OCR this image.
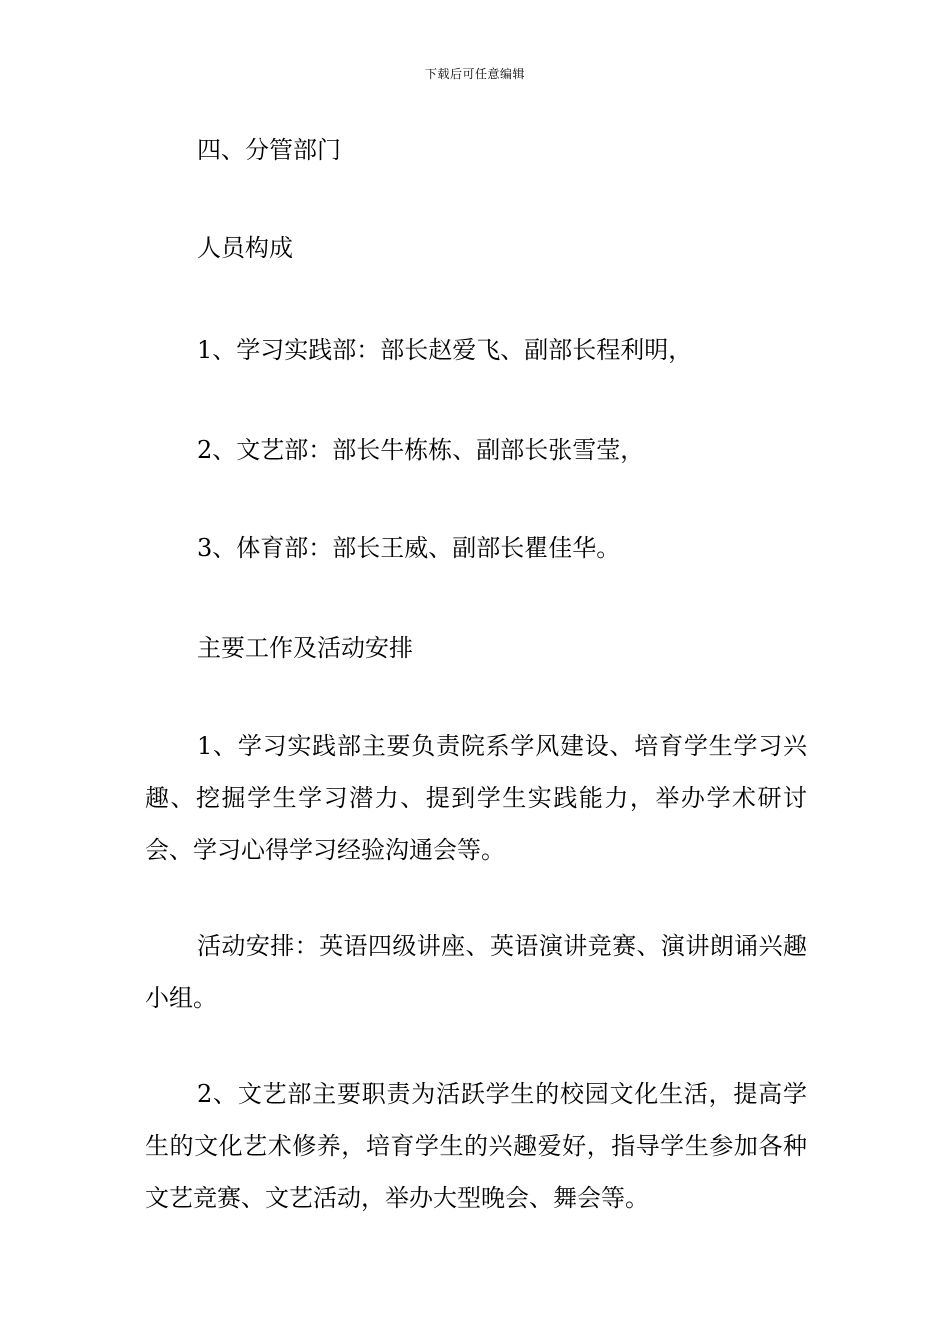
下载后可任意编辑
四、分管部门
人员构成
1、学习实践部：部长赵爱飞、副部长程利明，
2、文艺部：部长牛栋栋、副部长张雪莹，
3、体育部：部长王威、副部长瞿佳华。
主要工作及活动安排
1、学习实践部主要负责院系学风建设、培育学生学习兴趣、挖掘学生学习潜力、提到学生实践能力，举办学术研讨会、学习心得学习经验沟通会等。
活动安排：英语四级讲座、英语演讲竞赛、演讲朗诵兴趣小组。
2、文艺部主要职责为活跃学生的校园文化生活，提高学生的文化艺术修养，培育学生的兴趣爱好，指导学生参加各种文艺竞赛、文艺活动，举办大型晚会、舞会等。
